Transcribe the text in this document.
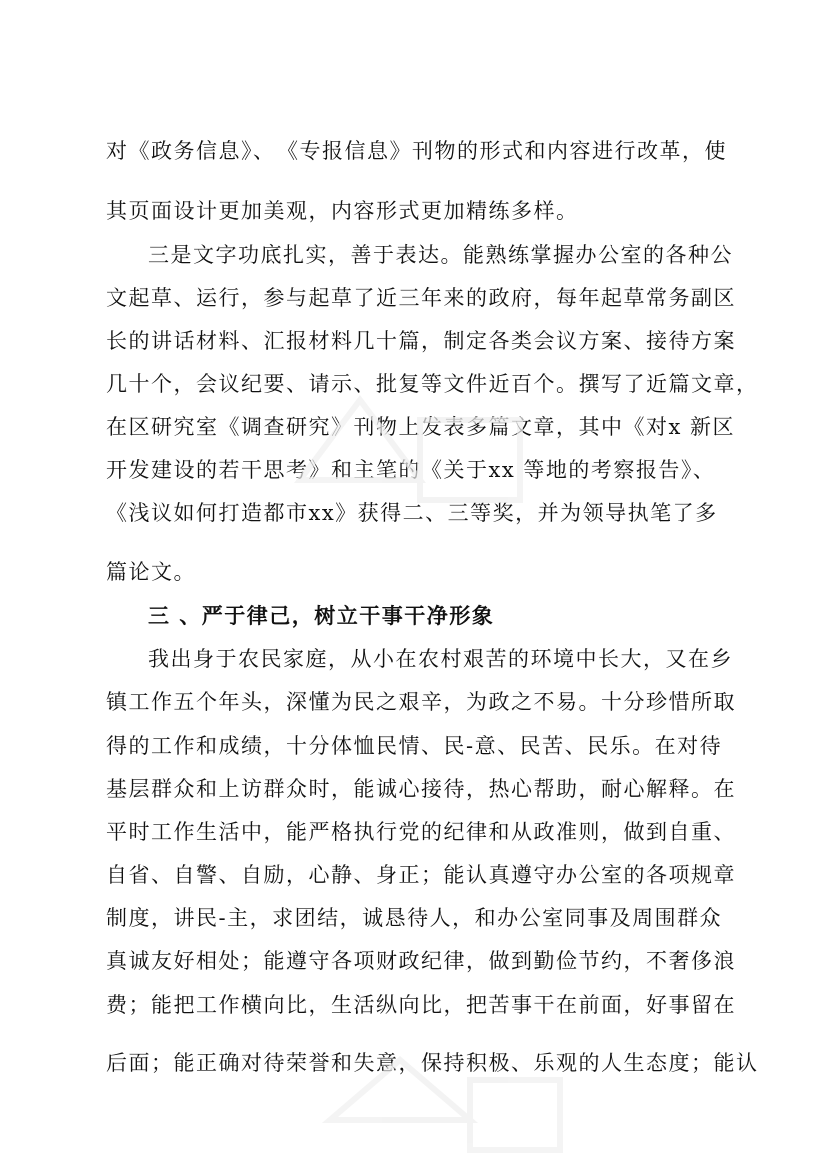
对《政务信息》、　《专报信息》刊物的形式和内容进行改革，使
其页面设计更加美观，内容形式更加精练多样。
三是文字功底扎实，善于表达。能熟练掌握办公室的各种公
文起草、运行，参与起草了近三年来的政府，每年起草常务副区
长的讲话材料、汇报材料几十篇，制定各类会议方案、接待方案
几十个，会议纪要、请示、批复等文件近百个。撰写了近篇文章，
在区研究室《调查研究》刊物上发表多篇文章，其中《对x 新区
开发建设的若干思考》和主笔的《关于xx 等地的考察报告》、
《浅议如何打造都市xx》获得二、三等奖，并为领导执笔了多
篇论文。
三 、严于律己，树立干事干净形象
我出身于农民家庭，从小在农村艰苦的环境中长大，又在乡
镇工作五个年头，深懂为民之艰辛，为政之不易。十分珍惜所取
得的工作和成绩，十分体恤民情、民-意、民苦、民乐。在对待
基层群众和上访群众时，能诚心接待，热心帮助，耐心解释。在
平时工作生活中，能严格执行党的纪律和从政准则，做到自重、
自省、自警、自励，心静、身正；能认真遵守办公室的各项规章
制度，讲民-主，求团结，诚恳待人，和办公室同事及周围群众
真诚友好相处；能遵守各项财政纪律，做到勤俭节约，不奢侈浪
费；能把工作横向比，生活纵向比，把苦事干在前面，好事留在
后面；能正确对待荣誉和失意，保持积极、乐观的人生态度；能认
